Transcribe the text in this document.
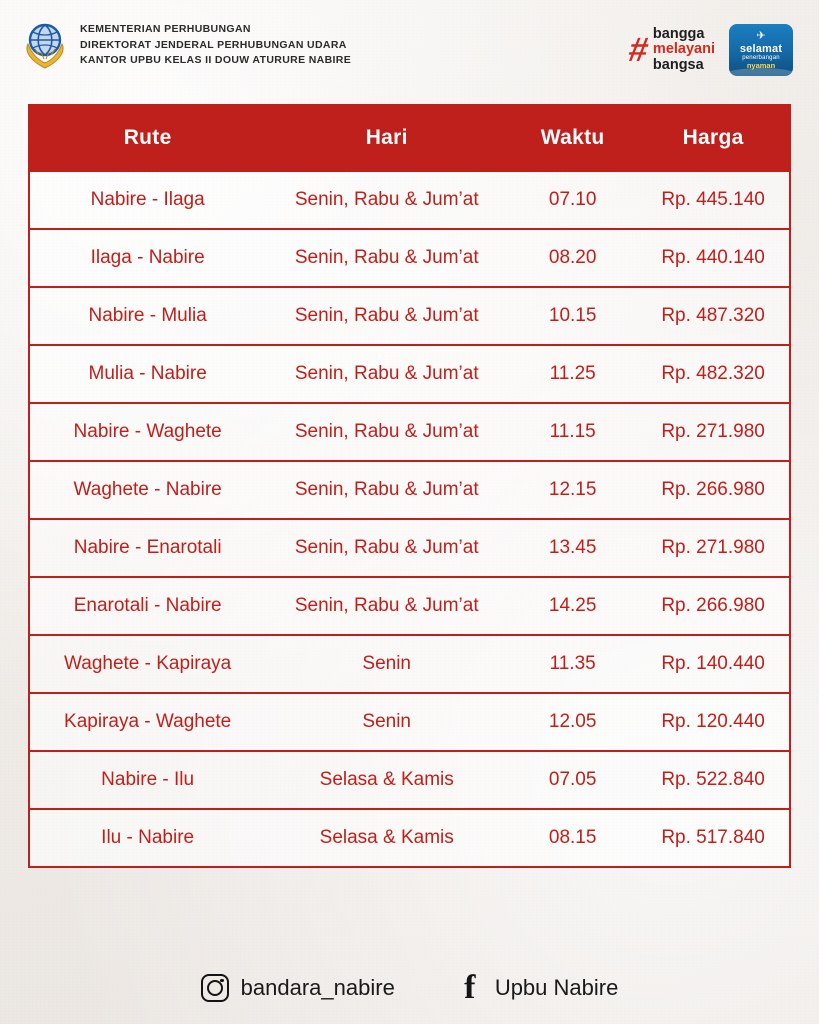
KEMENTERIAN PERHUBUNGAN
DIREKTORAT JENDERAL PERHUBUNGAN UDARA
KANTOR UPBU KELAS II DOUW ATURURE NABIRE	# bangga
melayani
bangsa
✈
selamat
penerbangan
nyaman
Rute	Hari	Waktu	Harga
Nabire - Ilaga	Senin, Rabu & Jum’at	07.10	Rp. 445.140
Ilaga - Nabire	Senin, Rabu & Jum’at	08.20	Rp. 440.140
Nabire - Mulia	Senin, Rabu & Jum’at	10.15	Rp. 487.320
Mulia - Nabire	Senin, Rabu & Jum’at	11.25	Rp. 482.320
Nabire - Waghete	Senin, Rabu & Jum’at	11.15	Rp. 271.980
Waghete - Nabire	Senin, Rabu & Jum’at	12.15	Rp. 266.980
Nabire - Enarotali	Senin, Rabu & Jum’at	13.45	Rp. 271.980
Enarotali - Nabire	Senin, Rabu & Jum’at	14.25	Rp. 266.980
Waghete - Kapiraya	Senin	11.35	Rp. 140.440
Kapiraya - Waghete	Senin	12.05	Rp. 120.440
Nabire - Ilu	Selasa & Kamis	07.05	Rp. 522.840
Ilu - Nabire	Selasa & Kamis	08.15	Rp. 517.840
bandara_nabire f Upbu Nabire
